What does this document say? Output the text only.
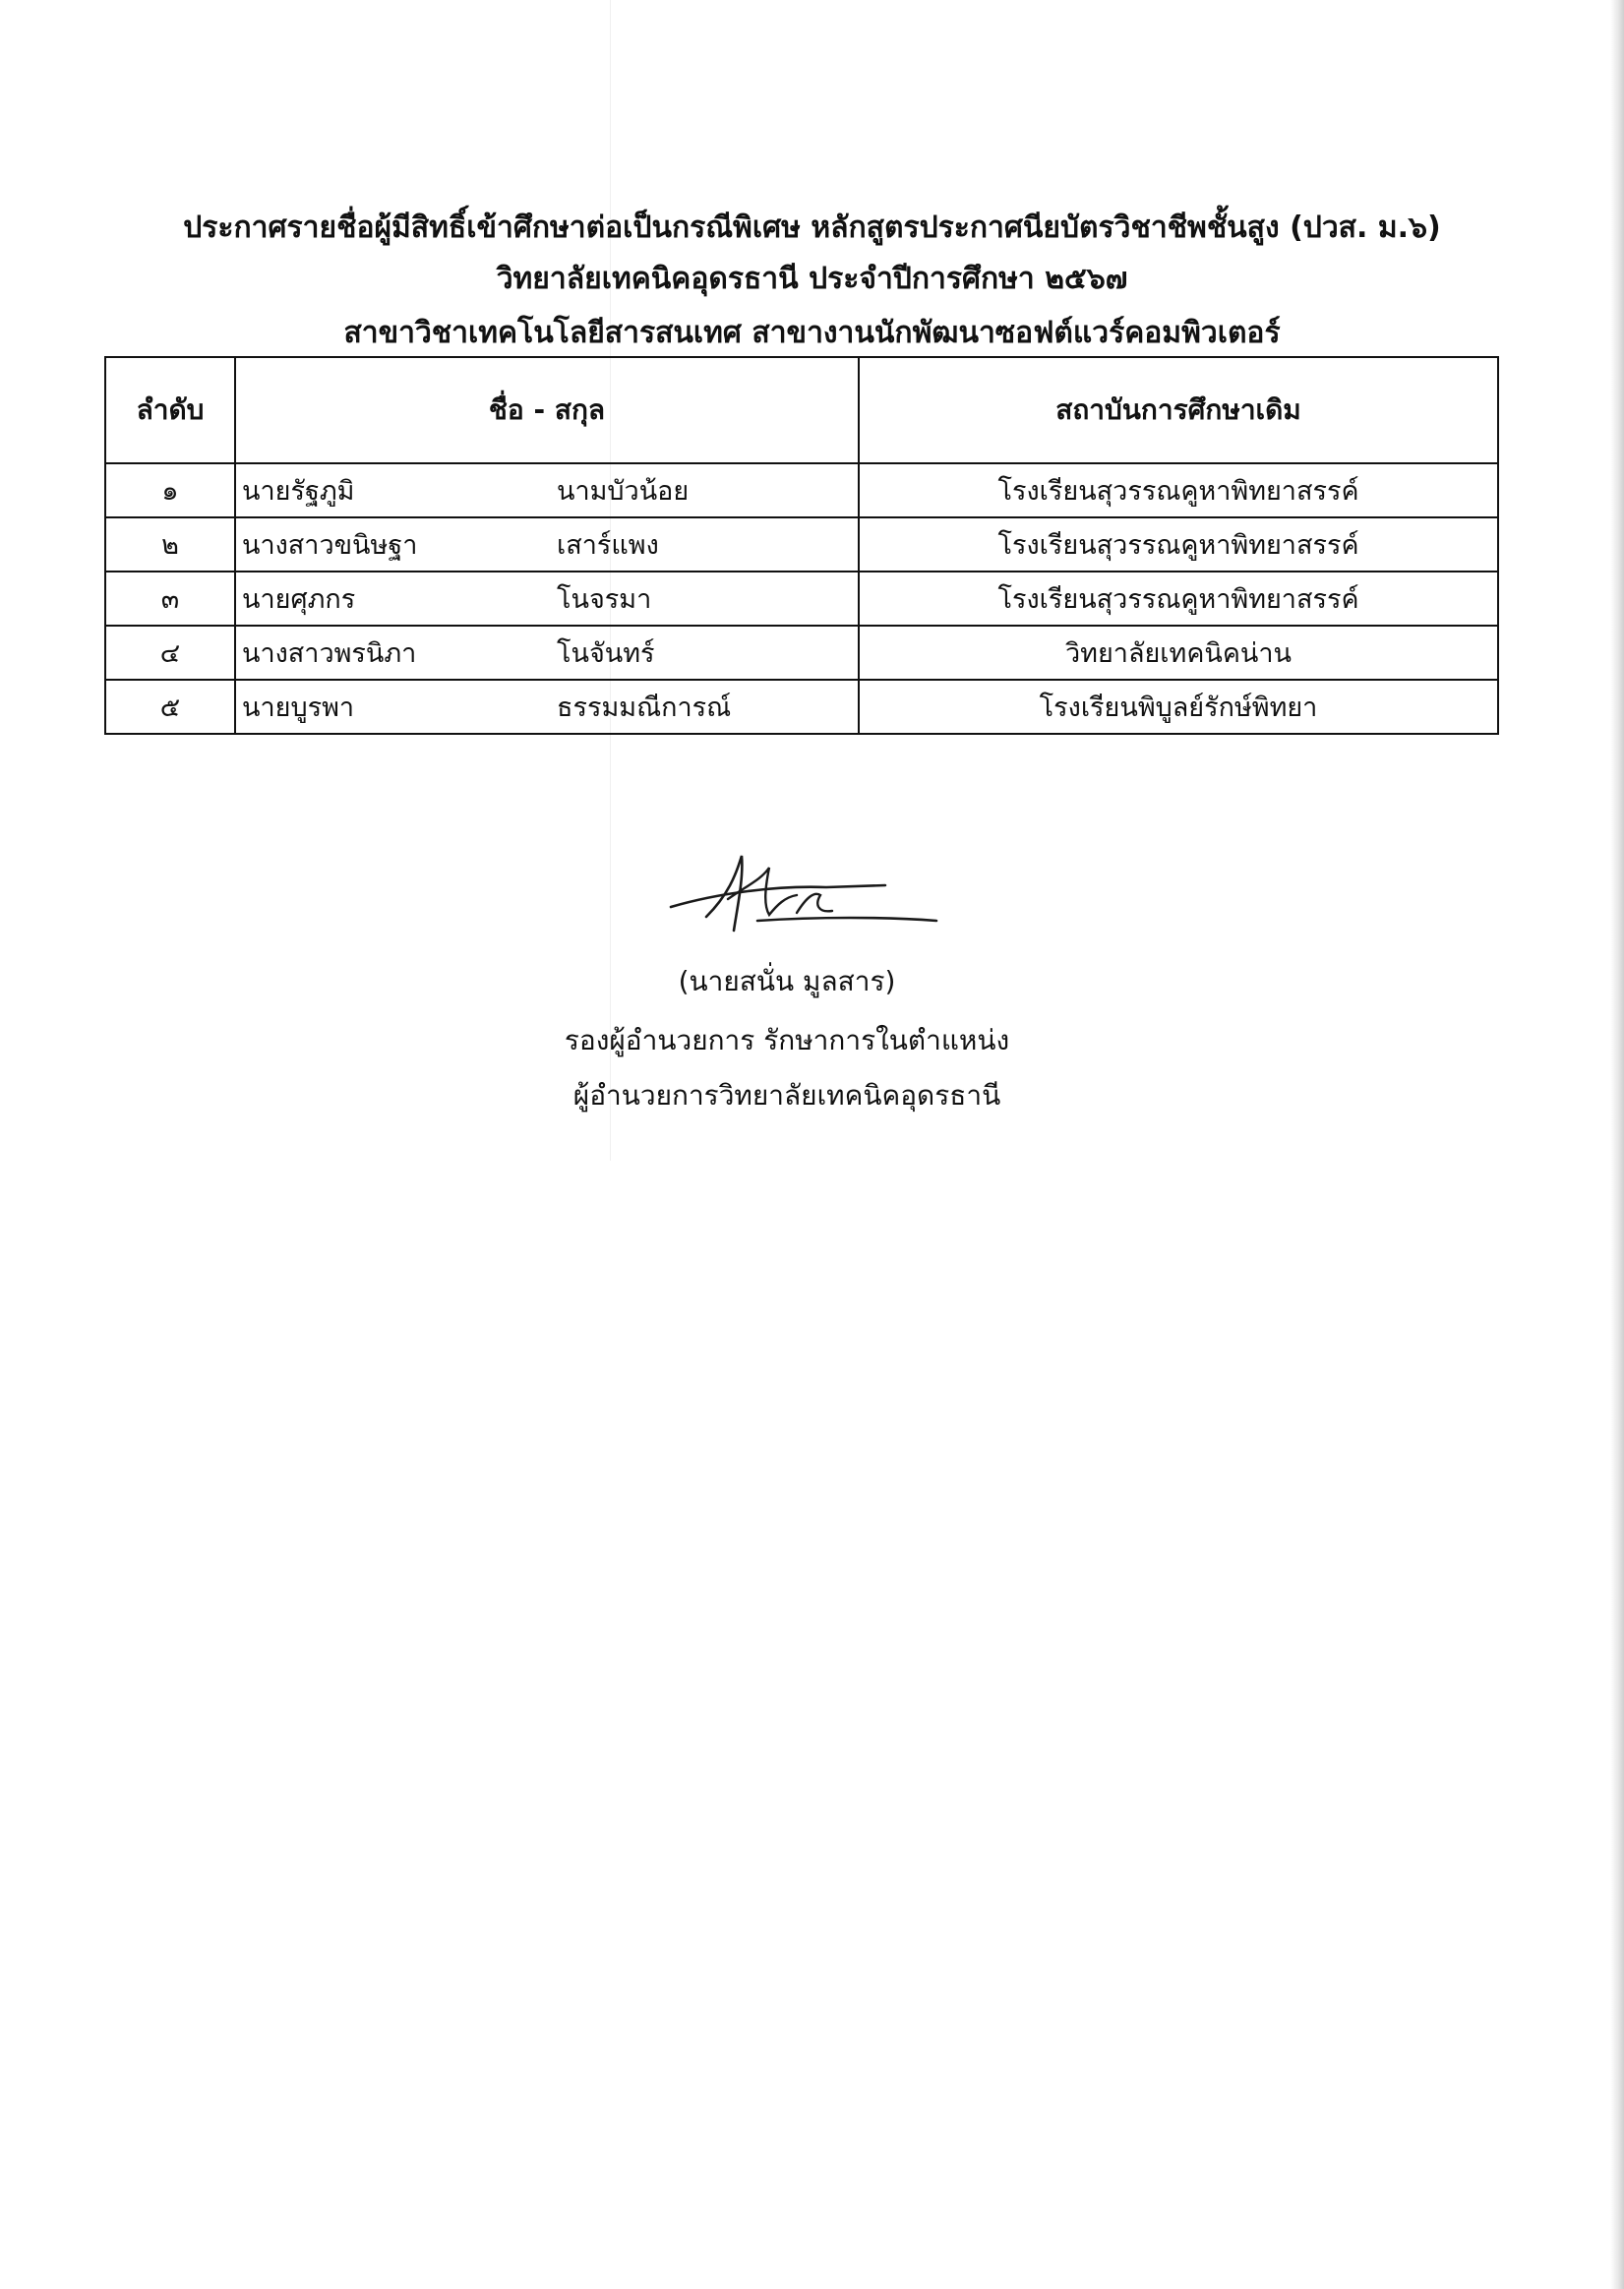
ประกาศรายชื่อผู้มีสิทธิ์เข้าศึกษาต่อเป็นกรณีพิเศษ หลักสูตรประกาศนียบัตรวิชาชีพชั้นสูง (ปวส. ม.๖)
วิทยาลัยเทคนิคอุดรธานี ประจำปีการศึกษา ๒๕๖๗
สาขาวิชาเทคโนโลยีสารสนเทศ สาขางานนักพัฒนาซอฟต์แวร์คอมพิวเตอร์
ลำดับ	ชื่อ - สกุล	สถาบันการศึกษาเดิม
๑	นายรัฐภูมิ นามบัวน้อย	โรงเรียนสุวรรณคูหาพิทยาสรรค์
๒	นางสาวขนิษฐา เสาร์แพง	โรงเรียนสุวรรณคูหาพิทยาสรรค์
๓	นายศุภกร โนจรมา	โรงเรียนสุวรรณคูหาพิทยาสรรค์
๔	นางสาวพรนิภา โนจันทร์	วิทยาลัยเทคนิคน่าน
๕	นายบูรพา ธรรมมณีการณ์	โรงเรียนพิบูลย์รักษ์พิทยา
(นายสนั่น มูลสาร)
รองผู้อำนวยการ รักษาการในตำแหน่ง
ผู้อำนวยการวิทยาลัยเทคนิคอุดรธานี
